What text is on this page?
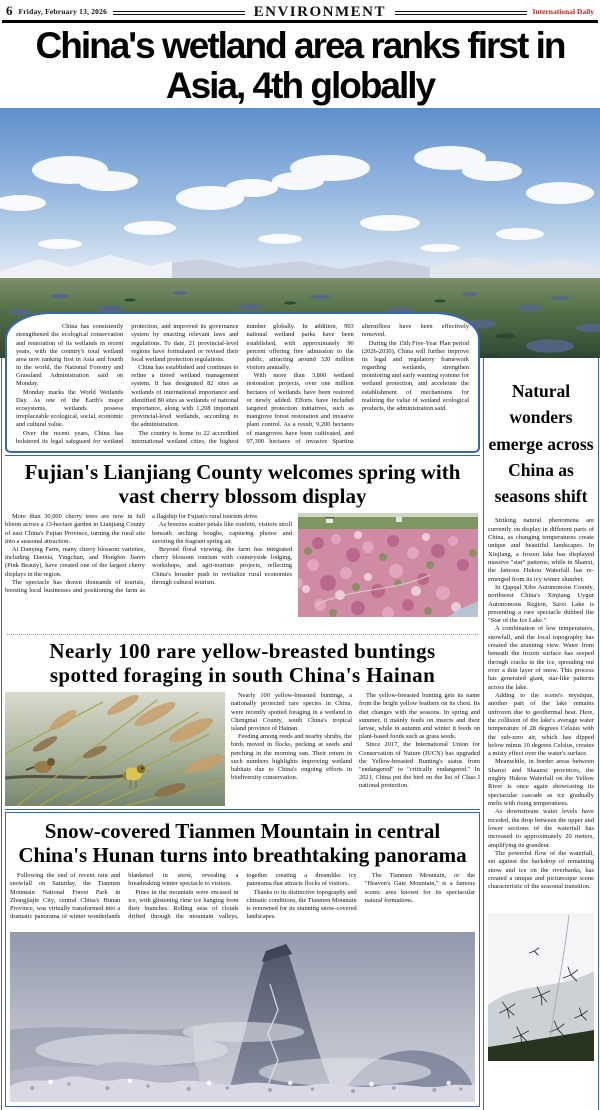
6 Friday, February 13, 2026	ENVIRONMENT	International Daily
China's wetland area ranks first in Asia, 4th globally

China has consistently strengthened the ecological conservation and restoration of its wetlands in recent years, with the country's total wetland area now ranking first in Asia and fourth in the world, the National Forestry and Grassland Administration said on Monday.

Monday marks the World Wetlands Day. As one of the Earth's major ecosystems, wetlands possess irreplaceable ecological, social, economic and cultural value.

Over the recent years, China has bolstered its legal safeguard for wetland protection, and improved its governance system by enacting relevant laws and regulations. To date, 21 provincial-level regions have formulated or revised their local wetland protection regulations.

China has established and continues to refine a tiered wetland management system. It has designated 82 sites as wetlands of international importance and identified 80 sites as wetlands of national importance, along with 1,208 important provincial-level wetlands, according to the administration.

The country is home to 22 accredited international wetland cities, the highest number globally. In addition, 903 national wetland parks have been established, with approximately 90 percent offering free admission to the public, attracting around 320 million visitors annually.

With more than 3,800 wetland restoration projects, over one million hectares of wetlands have been restored or newly added. Efforts have included targeted protection initiatives, such as mangrove forest restoration and invasive plant control. As a result, 9,200 hectares of mangroves have been cultivated, and 97,300 hectares of invasive Spartina alterniflora have been effectively removed.

During the 15th Five-Year Plan period (2026-2030), China will further improve its legal and regulatory framework regarding wetlands, strengthen monitoring and early warning systems for wetland protection, and accelerate the establishment of mechanisms for realizing the value of wetland ecological products, the administration said.

Fujian's Lianjiang County welcomes spring with vast cherry blossom display

More than 30,000 cherry trees are now in full bloom across a 13-hectare garden in Lianjiang County of east China's Fujian Province, turning the rural site into a seasonal attraction.

At Danying Farm, many cherry blossom varieties, including Danxia, Yingchun, and Hongfen Jiaren (Pink Beauty), have created one of the largest cherry displays in the region.

The spectacle has drawn thousands of tourists, boosting local businesses and positioning the farm as a flagship for Fujian's rural tourism drive.

As breezes scatter petals like confetti, visitors stroll beneath arching boughs, capturing photos and savoring the fragrant spring air.

Beyond floral viewing, the farm has integrated cherry blossom tourism with countryside lodging, workshops, and agri-tourism projects, reflecting China's broader push to revitalize rural economies through cultural tourism.

Nearly 100 rare yellow-breasted buntings spotted foraging in south China's Hainan

Nearly 100 yellow-breasted buntings, a nationally protected rare species in China, were recently spotted foraging in a wetland in Chengmai County, south China's tropical island province of Hainan.

Feeding among reeds and nearby shrubs, the birds moved in flocks, pecking at seeds and perching in the morning sun. Their return in such numbers highlights improving wetland habitats due to China's ongoing efforts in biodiversity conservation.

The yellow-breasted bunting gets its name from the bright yellow feathers on its chest. Its diet changes with the seasons. In spring and summer, it mainly feeds on insects and their larvae, while in autumn and winter it feeds on plant-based foods such as grass seeds.

Since 2017, the International Union for Conservation of Nature (IUCN) has upgraded the Yellow-breasted Bunting's status from "endangered" to "critically endangered." In 2021, China put the bird on the list of Class I national protection.

Snow-covered Tianmen Mountain in central China's Hunan turns into breathtaking panorama

Following the end of recent rain and snowfall on Saturday, the Tianmen Mountain National Forest Park in Zhangjiajie City, central China's Hunan Province, was virtually transformed into a dramatic panorama of winter wonderlands blanketed in snow, revealing a breathtaking winter spectacle to visitors.

Pines in the mountain were encased in ice, with glistening rime ice hanging from their branches. Rolling seas of clouds drifted through the mountain valleys, together creating a dreamlike icy panorama that attracts flocks of visitors.

Thanks to its distinctive topography and climatic conditions, the Tianmen Mountain is renowned for its stunning snow-covered landscapes.

The Tianmen Mountain, or the "Heaven's Gate Mountain," is a famous scenic area known for its spectacular natural formations.

Natural wonders emerge across China as seasons shift

Striking natural phenomena are currently on display in different parts of China, as changing temperatures create unique and beautiful landscapes. In Xinjiang, a frozen lake has displayed massive "star" patterns, while in Shanxi, the famous Hukou Waterfall has re-emerged from its icy winter slumber.

In Qapqal Xibe Autonomous County, northwest China's Xinjiang Uygur Autonomous Region, Saixi Lake is presenting a rare spectacle dubbed the "Star of the Ice Lake."

A combination of low temperatures, snowfall, and the local topography has created the stunning view. Water from beneath the frozen surface has seeped through cracks in the ice, spreading out over a thin layer of snow. This process has generated giant, star-like patterns across the lake.

Adding to the scene's mystique, another part of the lake remains unfrozen due to geothermal heat. Here, the collision of the lake's average water temperature of 28 degrees Celsius with the sub-zero air, which has dipped below minus 10 degrees Celsius, creates a misty effect over the water's surface.

Meanwhile, in border areas between Shanxi and Shaanxi provinces, the mighty Hukou Waterfall on the Yellow River is once again showcasing its spectacular cascade as ice gradually melts with rising temperatures.

As downstream water levels have receded, the drop between the upper and lower sections of the waterfall has increased to approximately 20 meters, amplifying its grandeur.

The powerful flow of the waterfall, set against the backdrop of remaining snow and ice on the riverbanks, has created a unique and picturesque scene characteristic of the seasonal transition.
